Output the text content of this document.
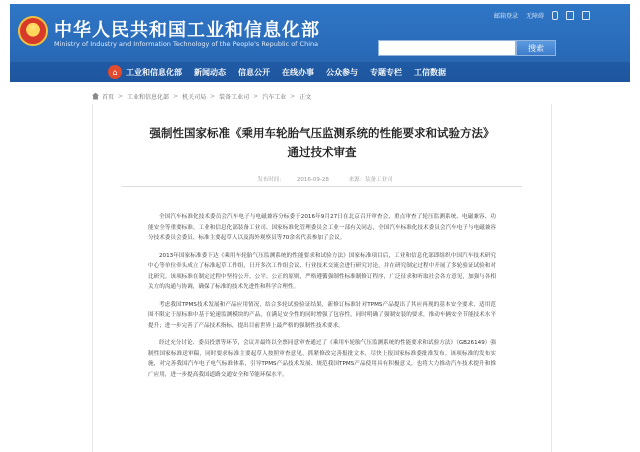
★ 中华人民共和国工业和信息化部
Ministry of Industry and Information Technology of the People's Republic of China
邮箱登录 无障碍
搜索
⌂	工业和信息化部 新闻动态 信息公开 在线办事 公众参与 专题专栏 工信数据
首页 > 工业和信息化部 > 机关司局 > 装备工业司 > 汽车工业 > 正文
强制性国家标准《乘用车轮胎气压监测系统的性能要求和试验方法》
通过技术审查
发布时间： 2016-09-28	来源：装备工业司

全国汽车标准化技术委员会汽车电子与电磁兼容分标委于2016年9月27日在北京召开审查会，重点审查了轮压监测系统、电磁兼容、功能安全等重要标准。工业和信息化部装备工业司、国家标准化管理委员会工业一部有关同志，全国汽车标准化技术委员会汽车电子与电磁兼容分技术委员会委员、标准主要起草人以及海外观察员等70余名代表参加了会议。

2013年国家标准委下达《乘用车轮胎气压监测系统的性能要求和试验方法》国家标准项目后，工业和信息化部即组织中国汽车技术研究中心等单位牵头成立了标准起草工作组，日开多次工作组会议、行业技术交流会进行研究讨论，并在研究制定过程中开展了多轮验证试验和对比研究。该项标准在制定过程中坚持公开、公平、公正的原则，严格遵循强制性标准制修订程序，广泛征求和听取社会各方意见，加强与各相关方的沟通与协调，确保了标准的技术先进性和科学合理性。

考虑我国TPMS技术发展和产品应用情况，结合多轮试验验证结果，新修订标准针对TPMS产品提出了其应再现的基本安全要求，适用范围不限定于原标准中基于轮速监测模块的产品，在满足安全性的同时增强了包容性，同时明确了强制安装的要求，推动车辆安全节能技术水平提升；进一步完善了产品技术指标，提出目前世界上最严格的强制性技术要求。

经过充分讨论、委员投票等环节，会议并最终以全票同意审查通过了《乘用车轮胎气压监测系统的性能要求和试验方法》（GB26149）强制性国家标准送审稿，同时要求标准主要起草人按照审查意见，抓紧修改完善报批文本，尽快上报国家标准委批准发布。该项标准的发布实施，对完善我国汽车电子电气标准体系，引导TPMS产品技术发展、规范我国TPMS产品使用具有积极意义，也将大力推动汽车技术提升和推广应用，进一步提高我国道路交通安全和节能环保水平。
